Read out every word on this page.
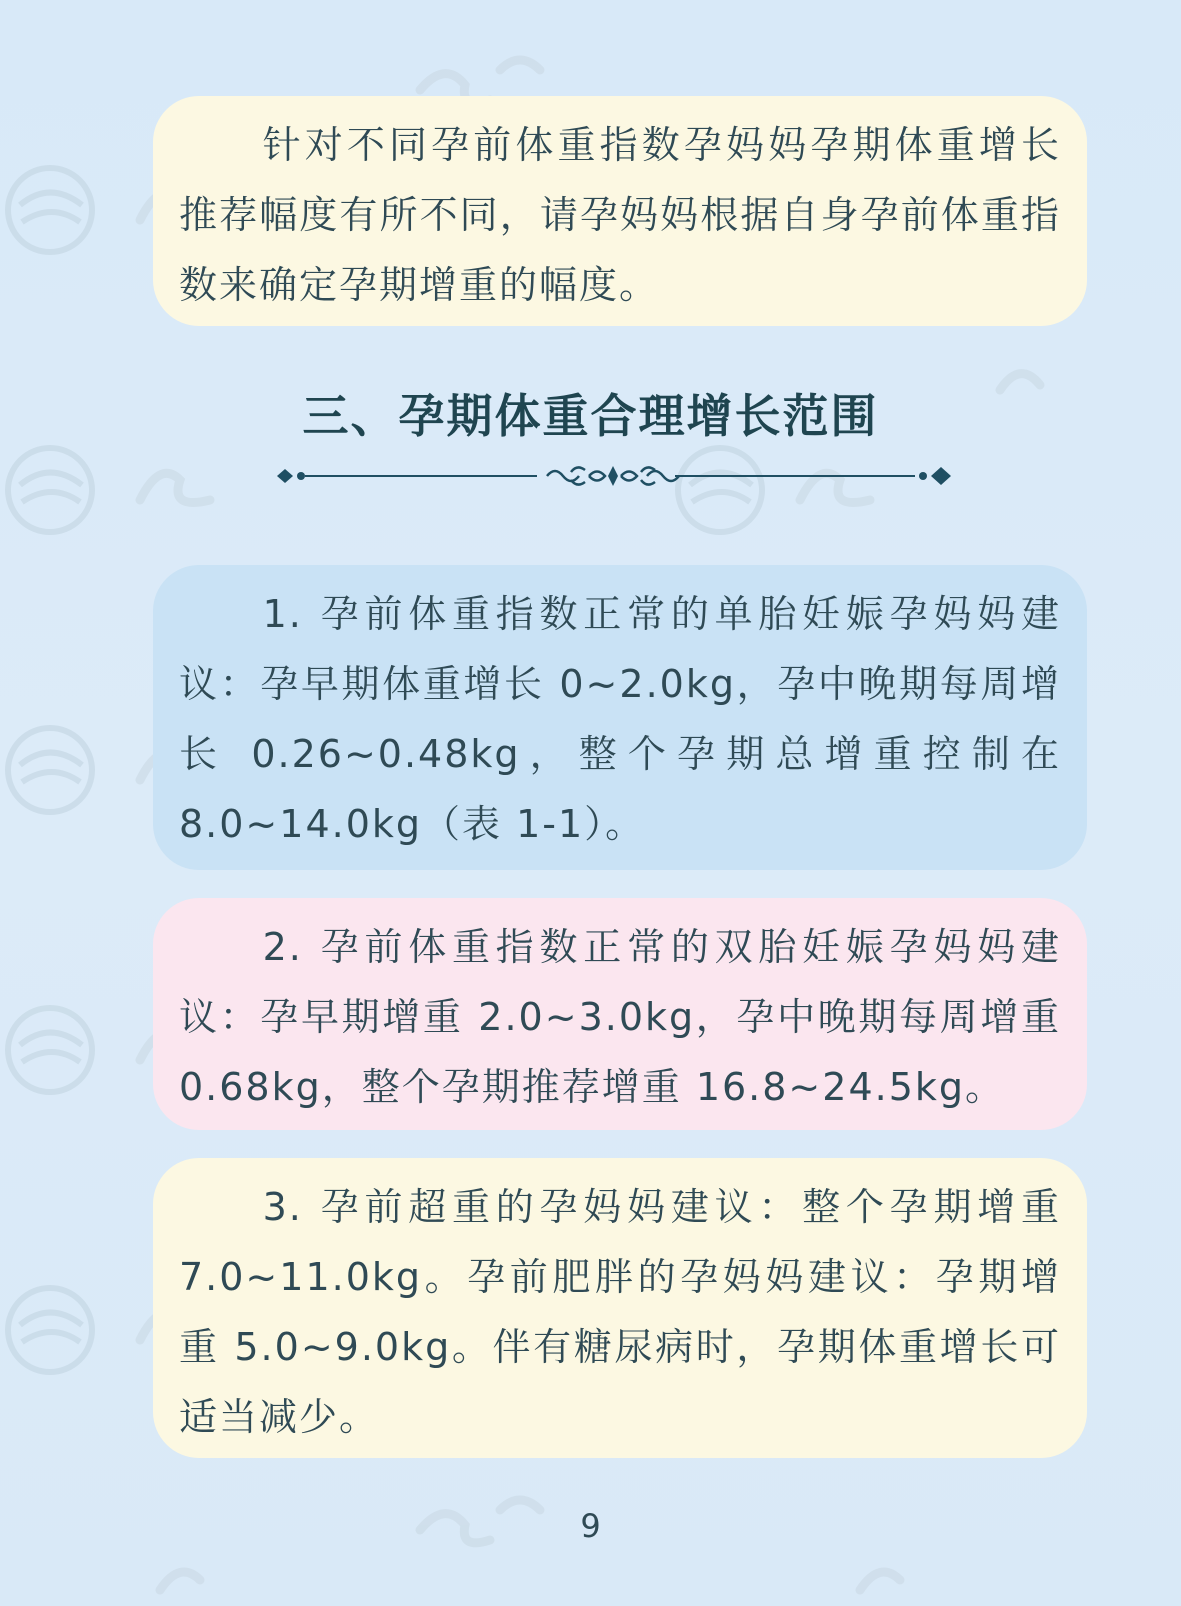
针对不同孕前体重指数孕妈妈孕期体重增长推荐幅度有所不同，请孕妈妈根据自身孕前体重指数来确定孕期增重的幅度。

三、孕期体重合理增长范围

1. 孕前体重指数正常的单胎妊娠孕妈妈建议：孕早期体重增长 0~2.0kg，孕中晚期每周增长 0.26~0.48kg，整个孕期总增重控制在 8.0~14.0kg（表 1-1）。

2. 孕前体重指数正常的双胎妊娠孕妈妈建议：孕早期增重 2.0~3.0kg，孕中晚期每周增重 0.68kg，整个孕期推荐增重 16.8~24.5kg。

3. 孕前超重的孕妈妈建议：整个孕期增重 7.0~11.0kg。孕前肥胖的孕妈妈建议：孕期增重 5.0~9.0kg。伴有糖尿病时，孕期体重增长可适当减少。

9
